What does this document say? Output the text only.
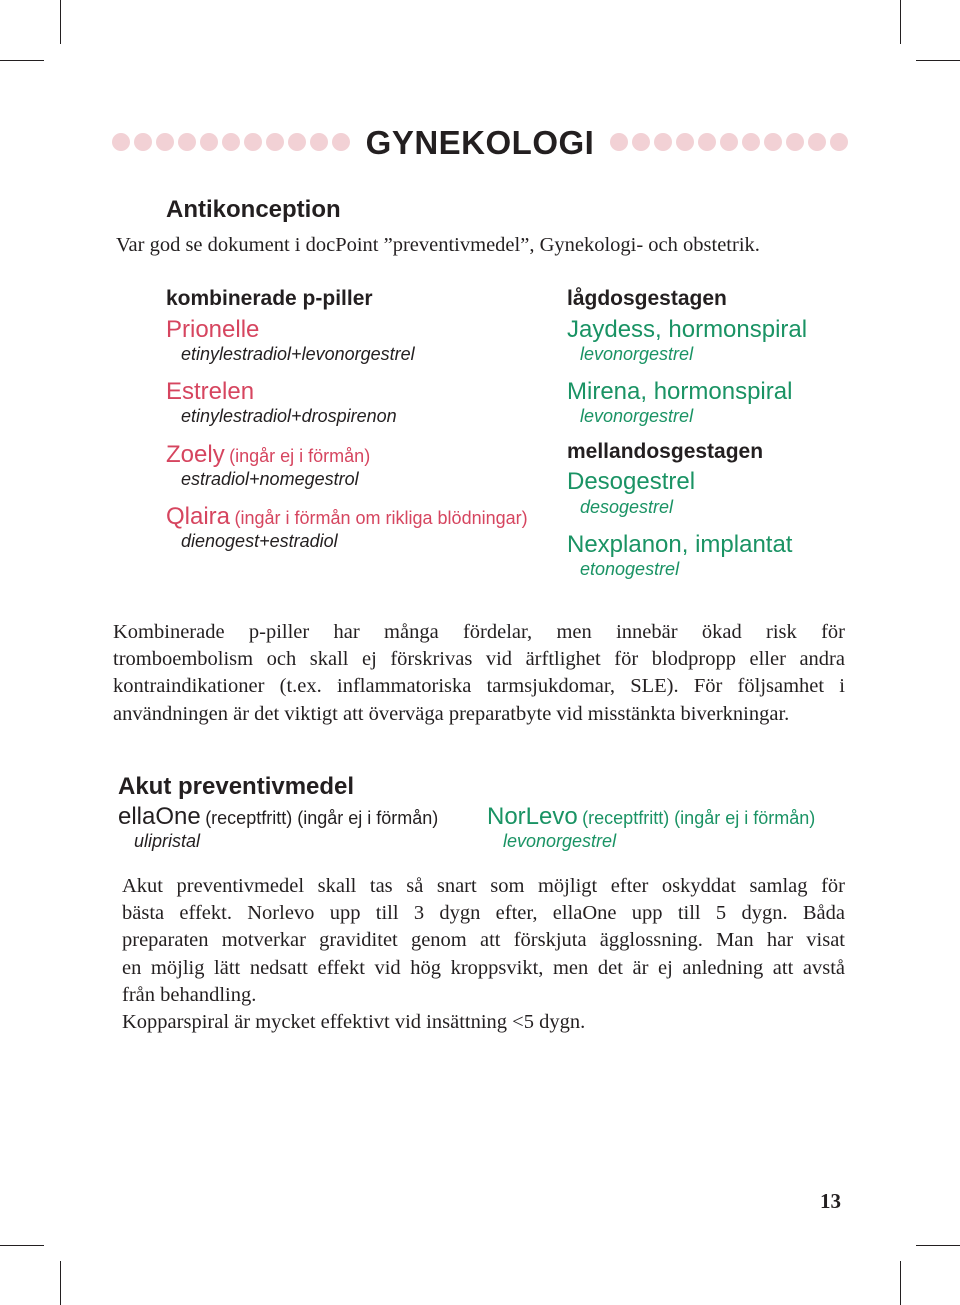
GYNEKOLOGI
Antikonception
Var god se dokument i docPoint ”preventivmedel”, Gynekologi- och obstetrik.
kombinerade p-piller
Prionelle
etinylestradiol+levonorgestrel
Estrelen
etinylestradiol+drospirenon
Zoely (ingår ej i förmån)
estradiol+nomegestrol
Qlaira (ingår i förmån om rikliga blödningar)
dienogest+estradiol
lågdosgestagen
Jaydess, hormonspiral
levonorgestrel
Mirena, hormonspiral
levonorgestrel
mellandosgestagen
Desogestrel
desogestrel
Nexplanon, implantat
etonogestrel

Kombinerade p-piller har många fördelar, men innebär ökad risk för

tromboembolism och skall ej förskrivas vid ärftlighet för blodpropp eller andra

kontraindikationer (t.ex. inflammatoriska tarmsjukdomar, SLE). För följsamhet i

användningen är det viktigt att överväga preparatbyte vid misstänkta biverkningar.

Akut preventivmedel
ellaOne (receptfritt) (ingår ej i förmån)
ulipristal
NorLevo (receptfritt) (ingår ej i förmån)
levonorgestrel

Akut preventivmedel skall tas så snart som möjligt efter oskyddat samlag för

bästa effekt. Norlevo upp till 3 dygn efter, ellaOne upp till 5 dygn. Båda

preparaten motverkar graviditet genom att förskjuta ägglossning. Man har visat

en möjlig lätt nedsatt effekt vid hög kroppsvikt, men det är ej anledning att avstå

från behandling.

Kopparspiral är mycket effektivt vid insättning <5 dygn.

13
